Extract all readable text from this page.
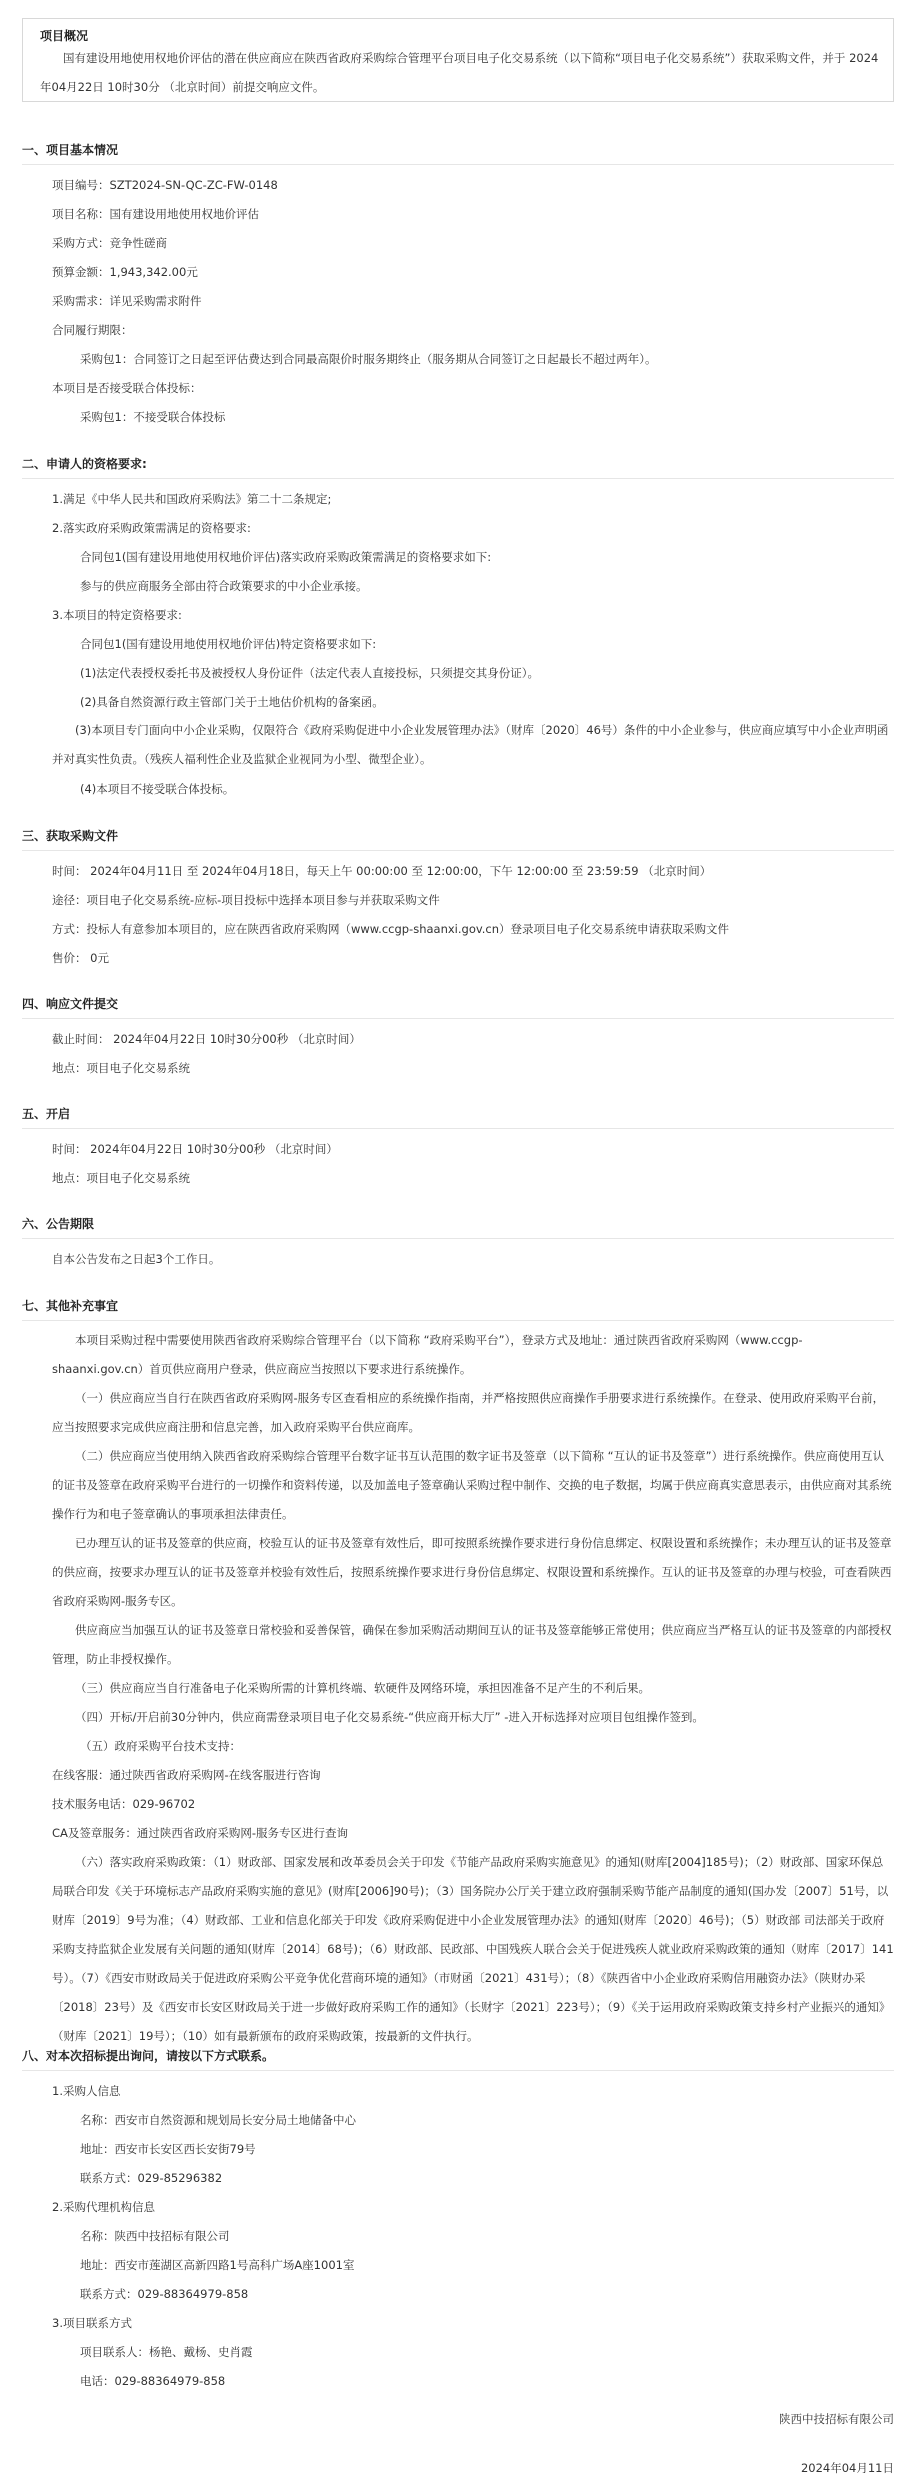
项目概况
国有建设用地使用权地价评估的潜在供应商应在陕西省政府采购综合管理平台项目电子化交易系统（以下简称“项目电子化交易系统”）获取采购文件，并于 2024年04月22日 10时30分 （北京时间）前提交响应文件。
一、项目基本情况
项目编号：SZT2024-SN-QC-ZC-FW-0148
项目名称：国有建设用地使用权地价评估
采购方式：竞争性磋商
预算金额：1,943,342.00元
采购需求：详见采购需求附件
合同履行期限：
采购包1：合同签订之日起至评估费达到合同最高限价时服务期终止（服务期从合同签订之日起最长不超过两年）。
本项目是否接受联合体投标：
采购包1：不接受联合体投标
二、申请人的资格要求:
1.满足《中华人民共和国政府采购法》第二十二条规定;
2.落实政府采购政策需满足的资格要求:
合同包1(国有建设用地使用权地价评估)落实政府采购政策需满足的资格要求如下:
参与的供应商服务全部由符合政策要求的中小企业承接。
3.本项目的特定资格要求:
合同包1(国有建设用地使用权地价评估)特定资格要求如下:
(1)法定代表授权委托书及被授权人身份证件（法定代表人直接投标，只须提交其身份证）。
(2)具备自然资源行政主管部门关于土地估价机构的备案函。
(3)本项目专门面向中小企业采购，仅限符合《政府采购促进中小企业发展管理办法》（财库〔2020〕46号）条件的中小企业参与，供应商应填写中小企业声明函并对真实性负责。（残疾人福利性企业及监狱企业视同为小型、微型企业）。
(4)本项目不接受联合体投标。
三、获取采购文件
时间： 2024年04月11日 至 2024年04月18日，每天上午 00:00:00 至 12:00:00，下午 12:00:00 至 23:59:59 （北京时间）
途径：项目电子化交易系统-应标-项目投标中选择本项目参与并获取采购文件
方式：投标人有意参加本项目的，应在陕西省政府采购网（www.ccgp-shaanxi.gov.cn）登录项目电子化交易系统申请获取采购文件
售价： 0元
四、响应文件提交
截止时间： 2024年04月22日 10时30分00秒 （北京时间）
地点：项目电子化交易系统
五、开启
时间： 2024年04月22日 10时30分00秒 （北京时间）
地点：项目电子化交易系统
六、公告期限
自本公告发布之日起3个工作日。
七、其他补充事宜
本项目采购过程中需要使用陕西省政府采购综合管理平台（以下简称 “政府采购平台”），登录方式及地址：通过陕西省政府采购网（www.ccgp-shaanxi.gov.cn）首页供应商用户登录，供应商应当按照以下要求进行系统操作。
（一）供应商应当自行在陕西省政府采购网-服务专区查看相应的系统操作指南，并严格按照供应商操作手册要求进行系统操作。在登录、使用政府采购平台前，应当按照要求完成供应商注册和信息完善，加入政府采购平台供应商库。
（二）供应商应当使用纳入陕西省政府采购综合管理平台数字证书互认范围的数字证书及签章（以下简称 “互认的证书及签章”）进行系统操作。供应商使用互认的证书及签章在政府采购平台进行的一切操作和资料传递，以及加盖电子签章确认采购过程中制作、交换的电子数据，均属于供应商真实意思表示，由供应商对其系统操作行为和电子签章确认的事项承担法律责任。
已办理互认的证书及签章的供应商，校验互认的证书及签章有效性后，即可按照系统操作要求进行身份信息绑定、权限设置和系统操作；未办理互认的证书及签章的供应商，按要求办理互认的证书及签章并校验有效性后，按照系统操作要求进行身份信息绑定、权限设置和系统操作。互认的证书及签章的办理与校验，可查看陕西省政府采购网-服务专区。
供应商应当加强互认的证书及签章日常校验和妥善保管，确保在参加采购活动期间互认的证书及签章能够正常使用；供应商应当严格互认的证书及签章的内部授权管理，防止非授权操作。
（三）供应商应当自行准备电子化采购所需的计算机终端、软硬件及网络环境，承担因准备不足产生的不利后果。
（四）开标/开启前30分钟内，供应商需登录项目电子化交易系统-“供应商开标大厅” -进入开标选择对应项目包组操作签到。
（五）政府采购平台技术支持：
在线客服：通过陕西省政府采购网-在线客服进行咨询
技术服务电话：029-96702
CA及签章服务：通过陕西省政府采购网-服务专区进行查询
（六）落实政府采购政策：（1）财政部、国家发展和改革委员会关于印发《节能产品政府采购实施意见》的通知(财库[2004]185号)；（2）财政部、国家环保总局联合印发《关于环境标志产品政府采购实施的意见》(财库[2006]90号)；（3）国务院办公厅关于建立政府强制采购节能产品制度的通知(国办发〔2007〕51号，以财库〔2019〕9号为准；（4）财政部、工业和信息化部关于印发《政府采购促进中小企业发展管理办法》的通知(财库〔2020〕46号)；（5）财政部 司法部关于政府采购支持监狱企业发展有关问题的通知(财库〔2014〕68号)；（6）财政部、民政部、中国残疾人联合会关于促进残疾人就业政府采购政策的通知（财库〔2017〕141号）。（7）《西安市财政局关于促进政府采购公平竞争优化营商环境的通知》（市财函〔2021〕431号）；（8）《陕西省中小企业政府采购信用融资办法》（陕财办采〔2018〕23号）及《西安市长安区财政局关于进一步做好政府采购工作的通知》（长财字〔2021〕223号）；（9）《关于运用政府采购政策支持乡村产业振兴的通知》（财库〔2021〕19号）；（10）如有最新颁布的政府采购政策，按最新的文件执行。
八、对本次招标提出询问，请按以下方式联系。
1.采购人信息
名称：西安市自然资源和规划局长安分局土地储备中心
地址：西安市长安区西长安街79号
联系方式：029-85296382
2.采购代理机构信息
名称：陕西中技招标有限公司
地址：西安市莲湖区高新四路1号高科广场A座1001室
联系方式：029-88364979-858
3.项目联系方式
项目联系人：杨艳、戴杨、史肖霞
电话：029-88364979-858
陕西中技招标有限公司
2024年04月11日
